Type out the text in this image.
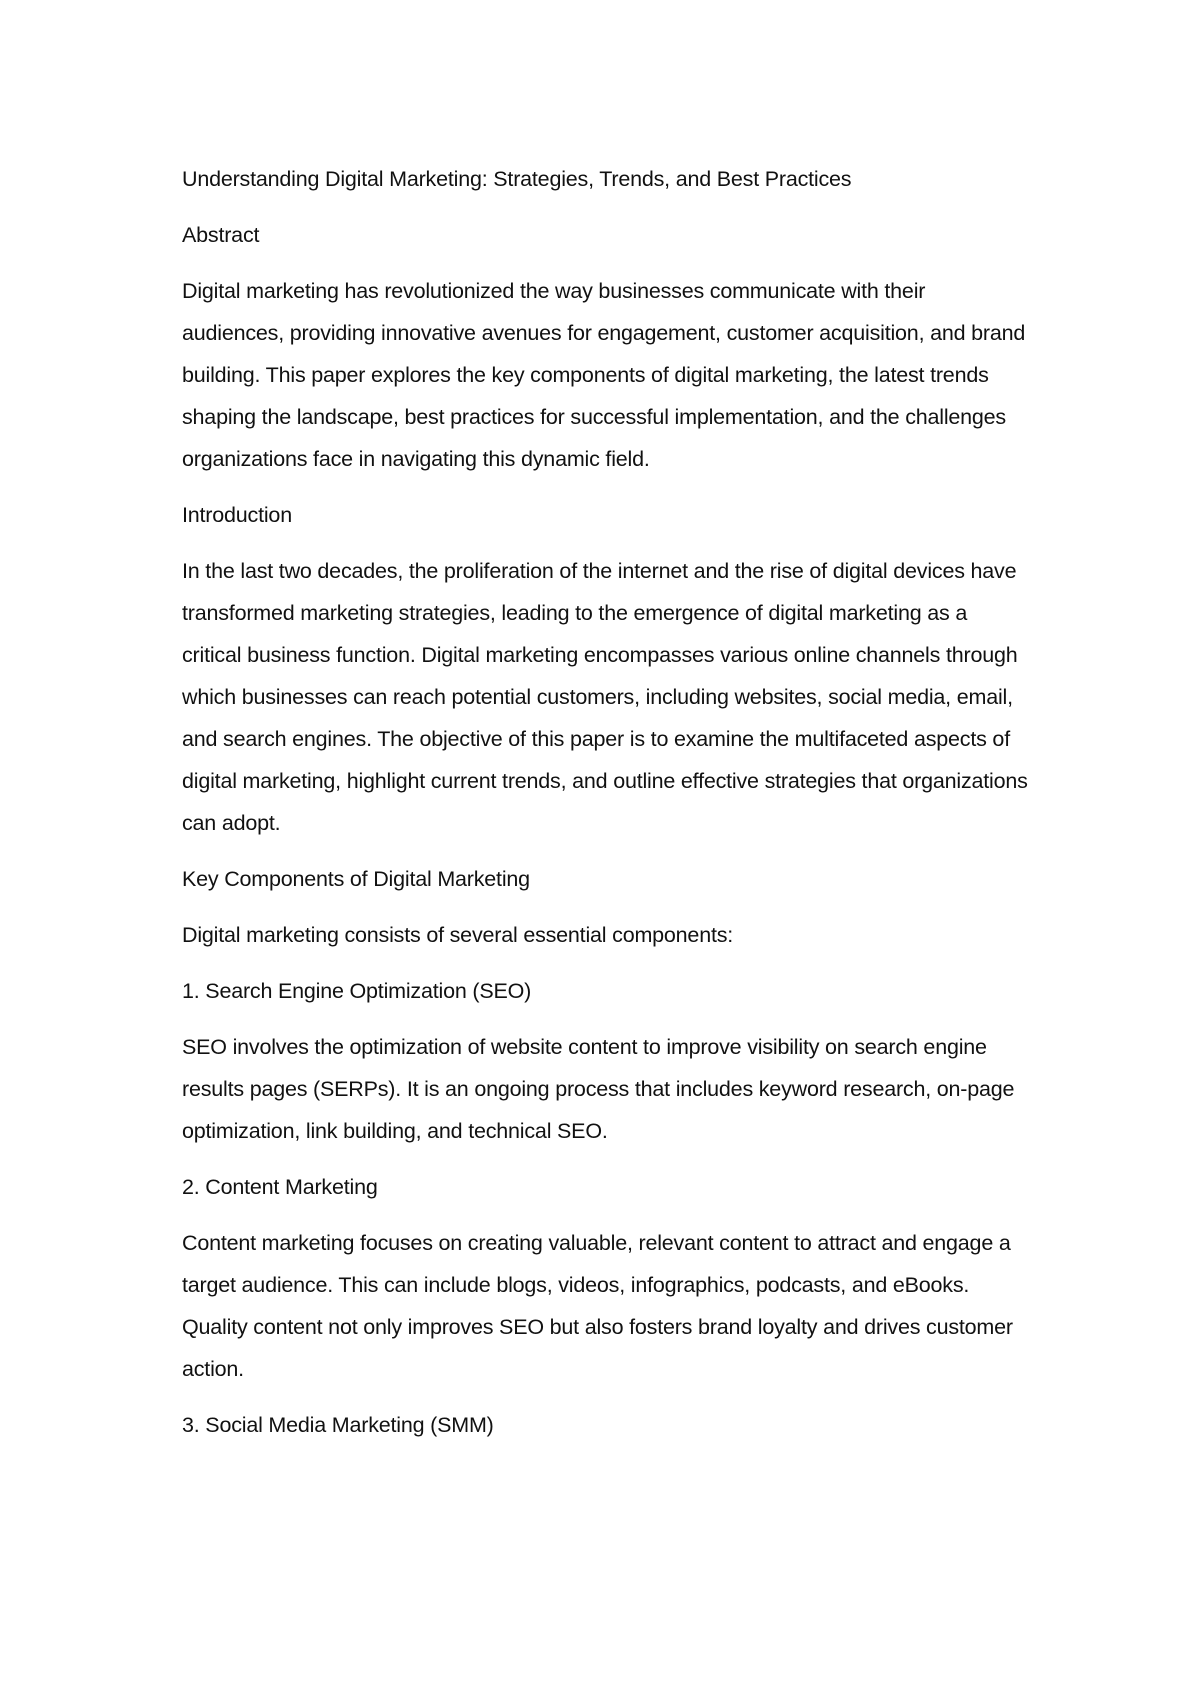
Understanding Digital Marketing: Strategies, Trends, and Best Practices

Abstract

Digital marketing has revolutionized the way businesses communicate with their audiences, providing innovative avenues for engagement, customer acquisition, and brand building. This paper explores the key components of digital marketing, the latest trends shaping the landscape, best practices for successful implementation, and the challenges organizations face in navigating this dynamic field.

Introduction

In the last two decades, the proliferation of the internet and the rise of digital devices have transformed marketing strategies, leading to the emergence of digital marketing as a critical business function. Digital marketing encompasses various online channels through which businesses can reach potential customers, including websites, social media, email, and search engines. The objective of this paper is to examine the multifaceted aspects of digital marketing, highlight current trends, and outline effective strategies that organizations can adopt.

Key Components of Digital Marketing

Digital marketing consists of several essential components:

1. Search Engine Optimization (SEO)

SEO involves the optimization of website content to improve visibility on search engine results pages (SERPs). It is an ongoing process that includes keyword research, on-page optimization, link building, and technical SEO.

2. Content Marketing

Content marketing focuses on creating valuable, relevant content to attract and engage a target audience. This can include blogs, videos, infographics, podcasts, and eBooks. Quality content not only improves SEO but also fosters brand loyalty and drives customer action.

3. Social Media Marketing (SMM)
